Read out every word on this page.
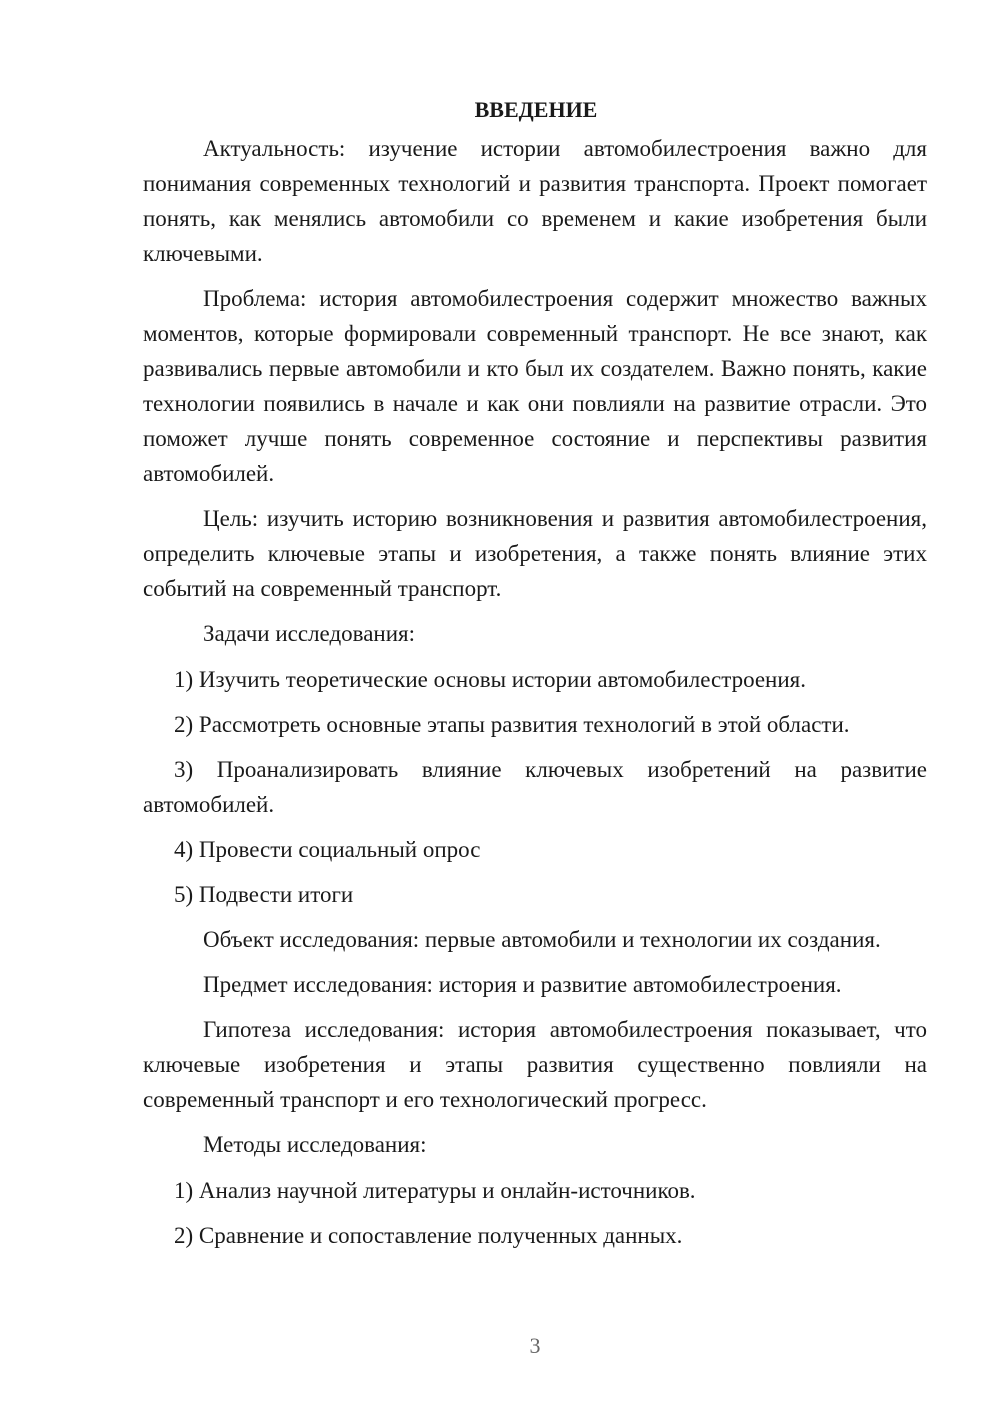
ВВЕДЕНИЕ

Актуальность: изучение истории автомобилестроения важно для понимания современных технологий и развития транспорта. Проект помогает понять, как менялись автомобили со временем и какие изобретения были ключевыми.

Проблема: история автомобилестроения содержит множество важных моментов, которые формировали современный транспорт. Не все знают, как развивались первые автомобили и кто был их создателем. Важно понять, какие технологии появились в начале и как они повлияли на развитие отрасли. Это поможет лучше понять современное состояние и перспективы развития автомобилей.

Цель: изучить историю возникновения и развития автомобилестроения, определить ключевые этапы и изобретения, а также понять влияние этих событий на современный транспорт.

Задачи исследования:

1) Изучить теоретические основы истории автомобилестроения.

2) Рассмотреть основные этапы развития технологий в этой области.

3) Проанализировать влияние ключевых изобретений на развитие автомобилей.

4) Провести социальный опрос

5) Подвести итоги

Объект исследования: первые автомобили и технологии их создания.

Предмет исследования: история и развитие автомобилестроения.

Гипотеза исследования: история автомобилестроения показывает, что ключевые изобретения и этапы развития существенно повлияли на современный транспорт и его технологический прогресс.

Методы исследования:

1) Анализ научной литературы и онлайн-источников.

2) Сравнение и сопоставление полученных данных.

3
